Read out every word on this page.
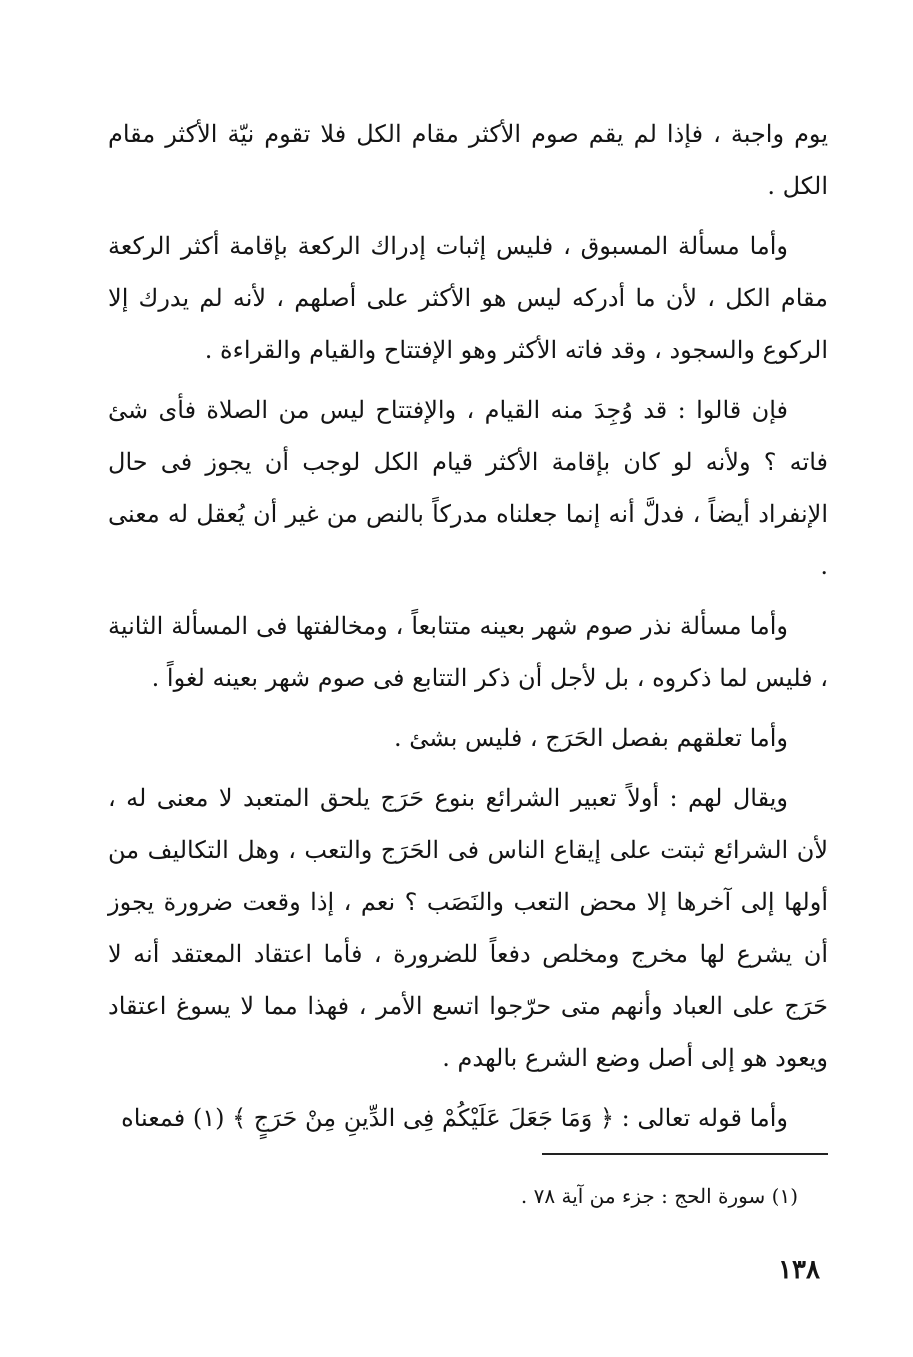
يوم واجبة ، فإذا لم يقم صوم الأكثر مقام الكل فلا تقوم نيّة الأكثر مقام الكل .

وأما مسألة المسبوق ، فليس إثبات إدراك الركعة بإقامة أكثر الركعة مقام الكل ، لأن ما أدركه ليس هو الأكثر على أصلهم ، لأنه لم يدرك إلا الركوع والسجود ، وقد فاته الأكثر وهو الإفتتاح والقيام والقراءة .

فإن قالوا : قد وُجِدَ منه القيام ، والإفتتاح ليس من الصلاة فأى شئ فاته ؟ ولأنه لو كان بإقامة الأكثر قيام الكل لوجب أن يجوز فى حال الإنفراد أيضاً ، فدلَّ أنه إنما جعلناه مدركاً بالنص من غير أن يُعقل له معنى .

وأما مسألة نذر صوم شهر بعينه متتابعاً ، ومخالفتها فى المسألة الثانية ، فليس لما ذكروه ، بل لأجل أن ذكر التتابع فى صوم شهر بعينه لغواً .

وأما تعلقهم بفصل الحَرَج ، فليس بشئ .

ويقال لهم : أولاً تعبير الشرائع بنوع حَرَج يلحق المتعبد لا معنى له ، لأن الشرائع ثبتت على إيقاع الناس فى الحَرَج والتعب ، وهل التكاليف من أولها إلى آخرها إلا محض التعب والنَصَب ؟ نعم ، إذا وقعت ضرورة يجوز أن يشرع لها مخرج ومخلص دفعاً للضرورة ، فأما اعتقاد المعتقد أنه لا حَرَج على العباد وأنهم متى حرّجوا اتسع الأمر ، فهذا مما لا يسوغ اعتقاد ويعود هو إلى أصل وضع الشرع بالهدم .

وأما قوله تعالى : ﴿ وَمَا جَعَلَ عَلَيْكُمْ فِى الدِّينِ مِنْ حَرَجٍ ﴾ (١) فمعناه

(١) سورة الحج : جزء من آية ٧٨ .
١٣٨
